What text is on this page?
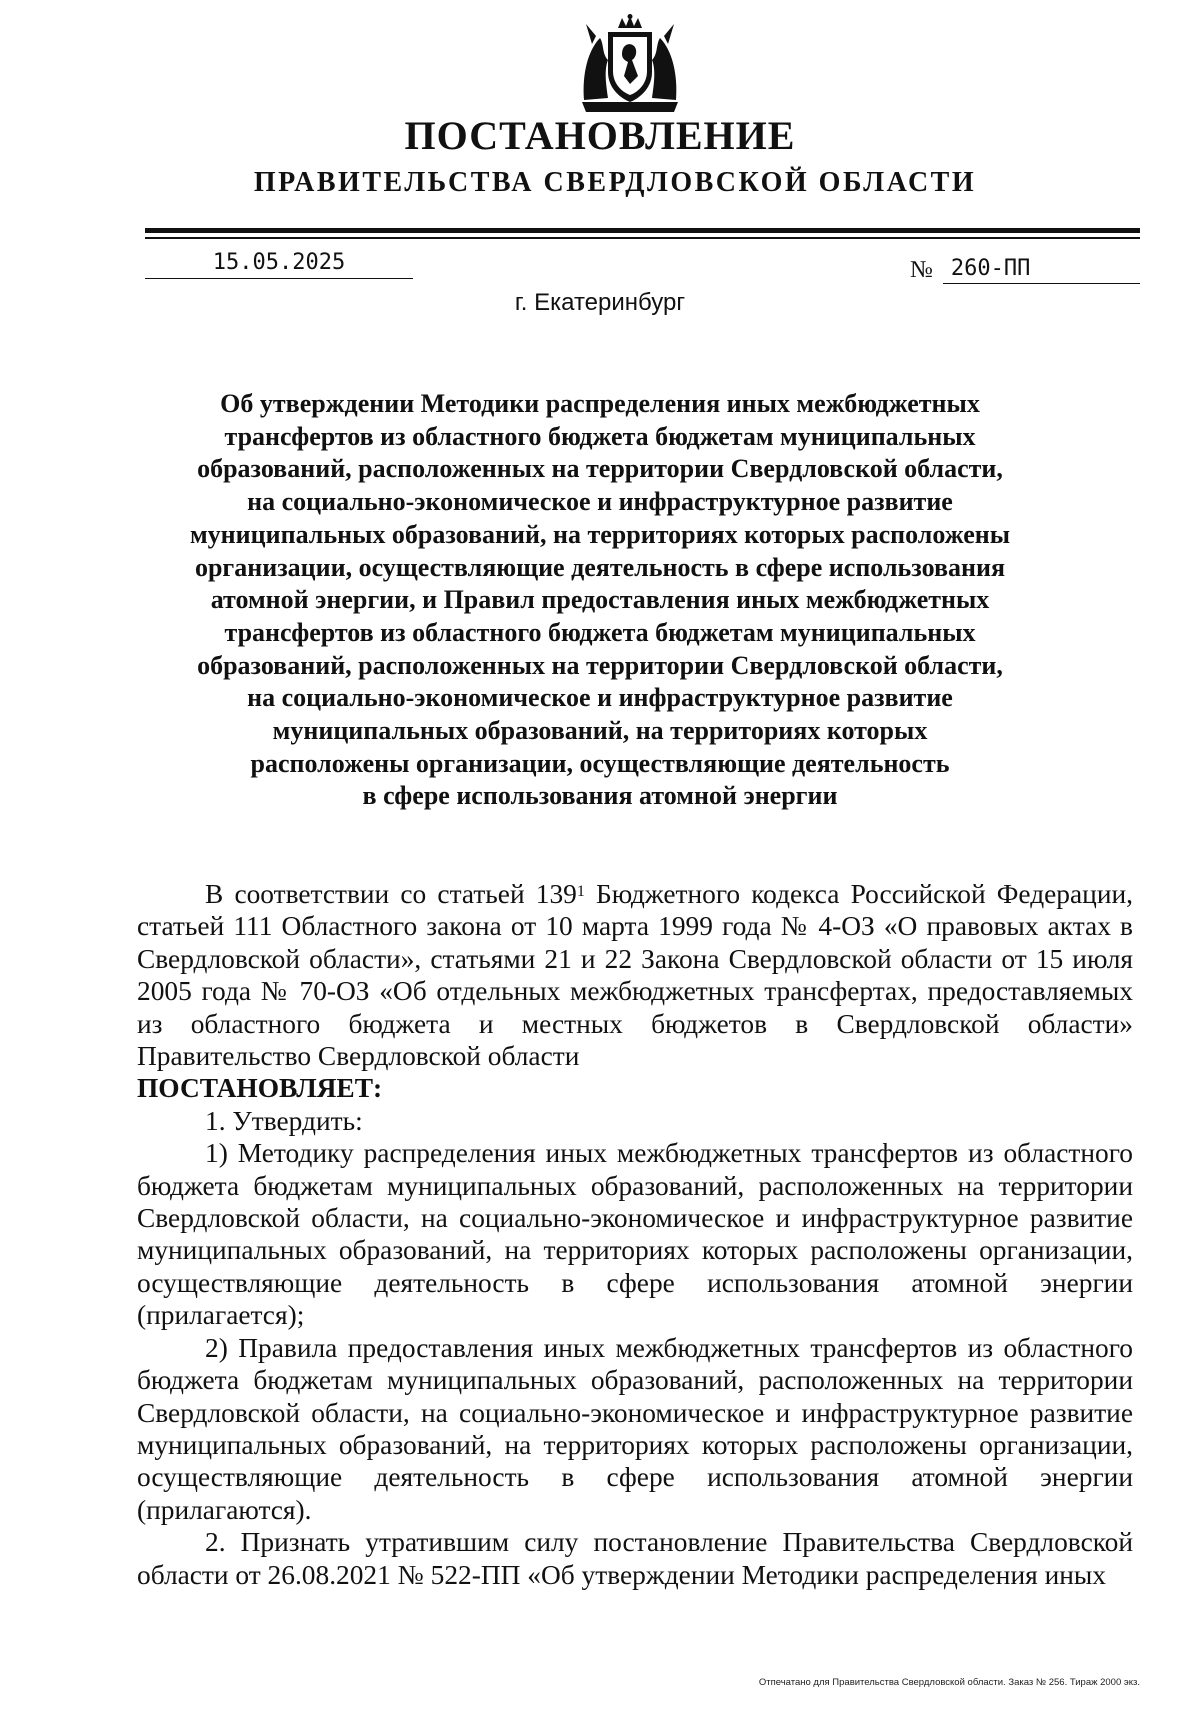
ПОСТАНОВЛЕНИЕ
ПРАВИТЕЛЬСТВА СВЕРДЛОВСКОЙ ОБЛАСТИ
15.05.2025	№ 260-ПП
г. Екатеринбург
Об утверждении Методики распределения иных межбюджетных
трансфертов из областного бюджета бюджетам муниципальных
образований, расположенных на территории Свердловской области,
на социально-экономическое и инфраструктурное развитие
муниципальных образований, на территориях которых расположены
организации, осуществляющие деятельность в сфере использования
атомной энергии, и Правил предоставления иных межбюджетных
трансфертов из областного бюджета бюджетам муниципальных
образований, расположенных на территории Свердловской области,
на социально-экономическое и инфраструктурное развитие
муниципальных образований, на территориях которых
расположены организации, осуществляющие деятельность
в сфере использования атомной энергии

В соответствии со статьей $139^1$ Бюджетного кодекса Российской Федерации, статьей 111 Областного закона от 10 марта 1999 года № 4-ОЗ «О правовых актах в Свердловской области», статьями 21 и 22 Закона Свердловской области от 15 июля 2005 года № 70-ОЗ «Об отдельных межбюджетных трансфертах, предоставляемых из областного бюджета и местных бюджетов в Свердловской области» Правительство Свердловской области

ПОСТАНОВЛЯЕТ:

1. Утвердить:

1) Методику распределения иных межбюджетных трансфертов из областного бюджета бюджетам муниципальных образований, расположенных на территории Свердловской области, на социально-экономическое и инфраструктурное развитие муниципальных образований, на территориях которых расположены организации, осуществляющие деятельность в сфере использования атомной энергии (прилагается);

2) Правила предоставления иных межбюджетных трансфертов из областного бюджета бюджетам муниципальных образований, расположенных на территории Свердловской области, на социально-экономическое и инфраструктурное развитие муниципальных образований, на территориях которых расположены организации, осуществляющие деятельность в сфере использования атомной энергии (прилагаются).

2. Признать утратившим силу постановление Правительства Свердловской области от 26.08.2021 № 522-ПП «Об утверждении Методики распределения иных

Отпечатано для Правительства Свердловской области. Заказ № 256. Тираж 2000 экз.
